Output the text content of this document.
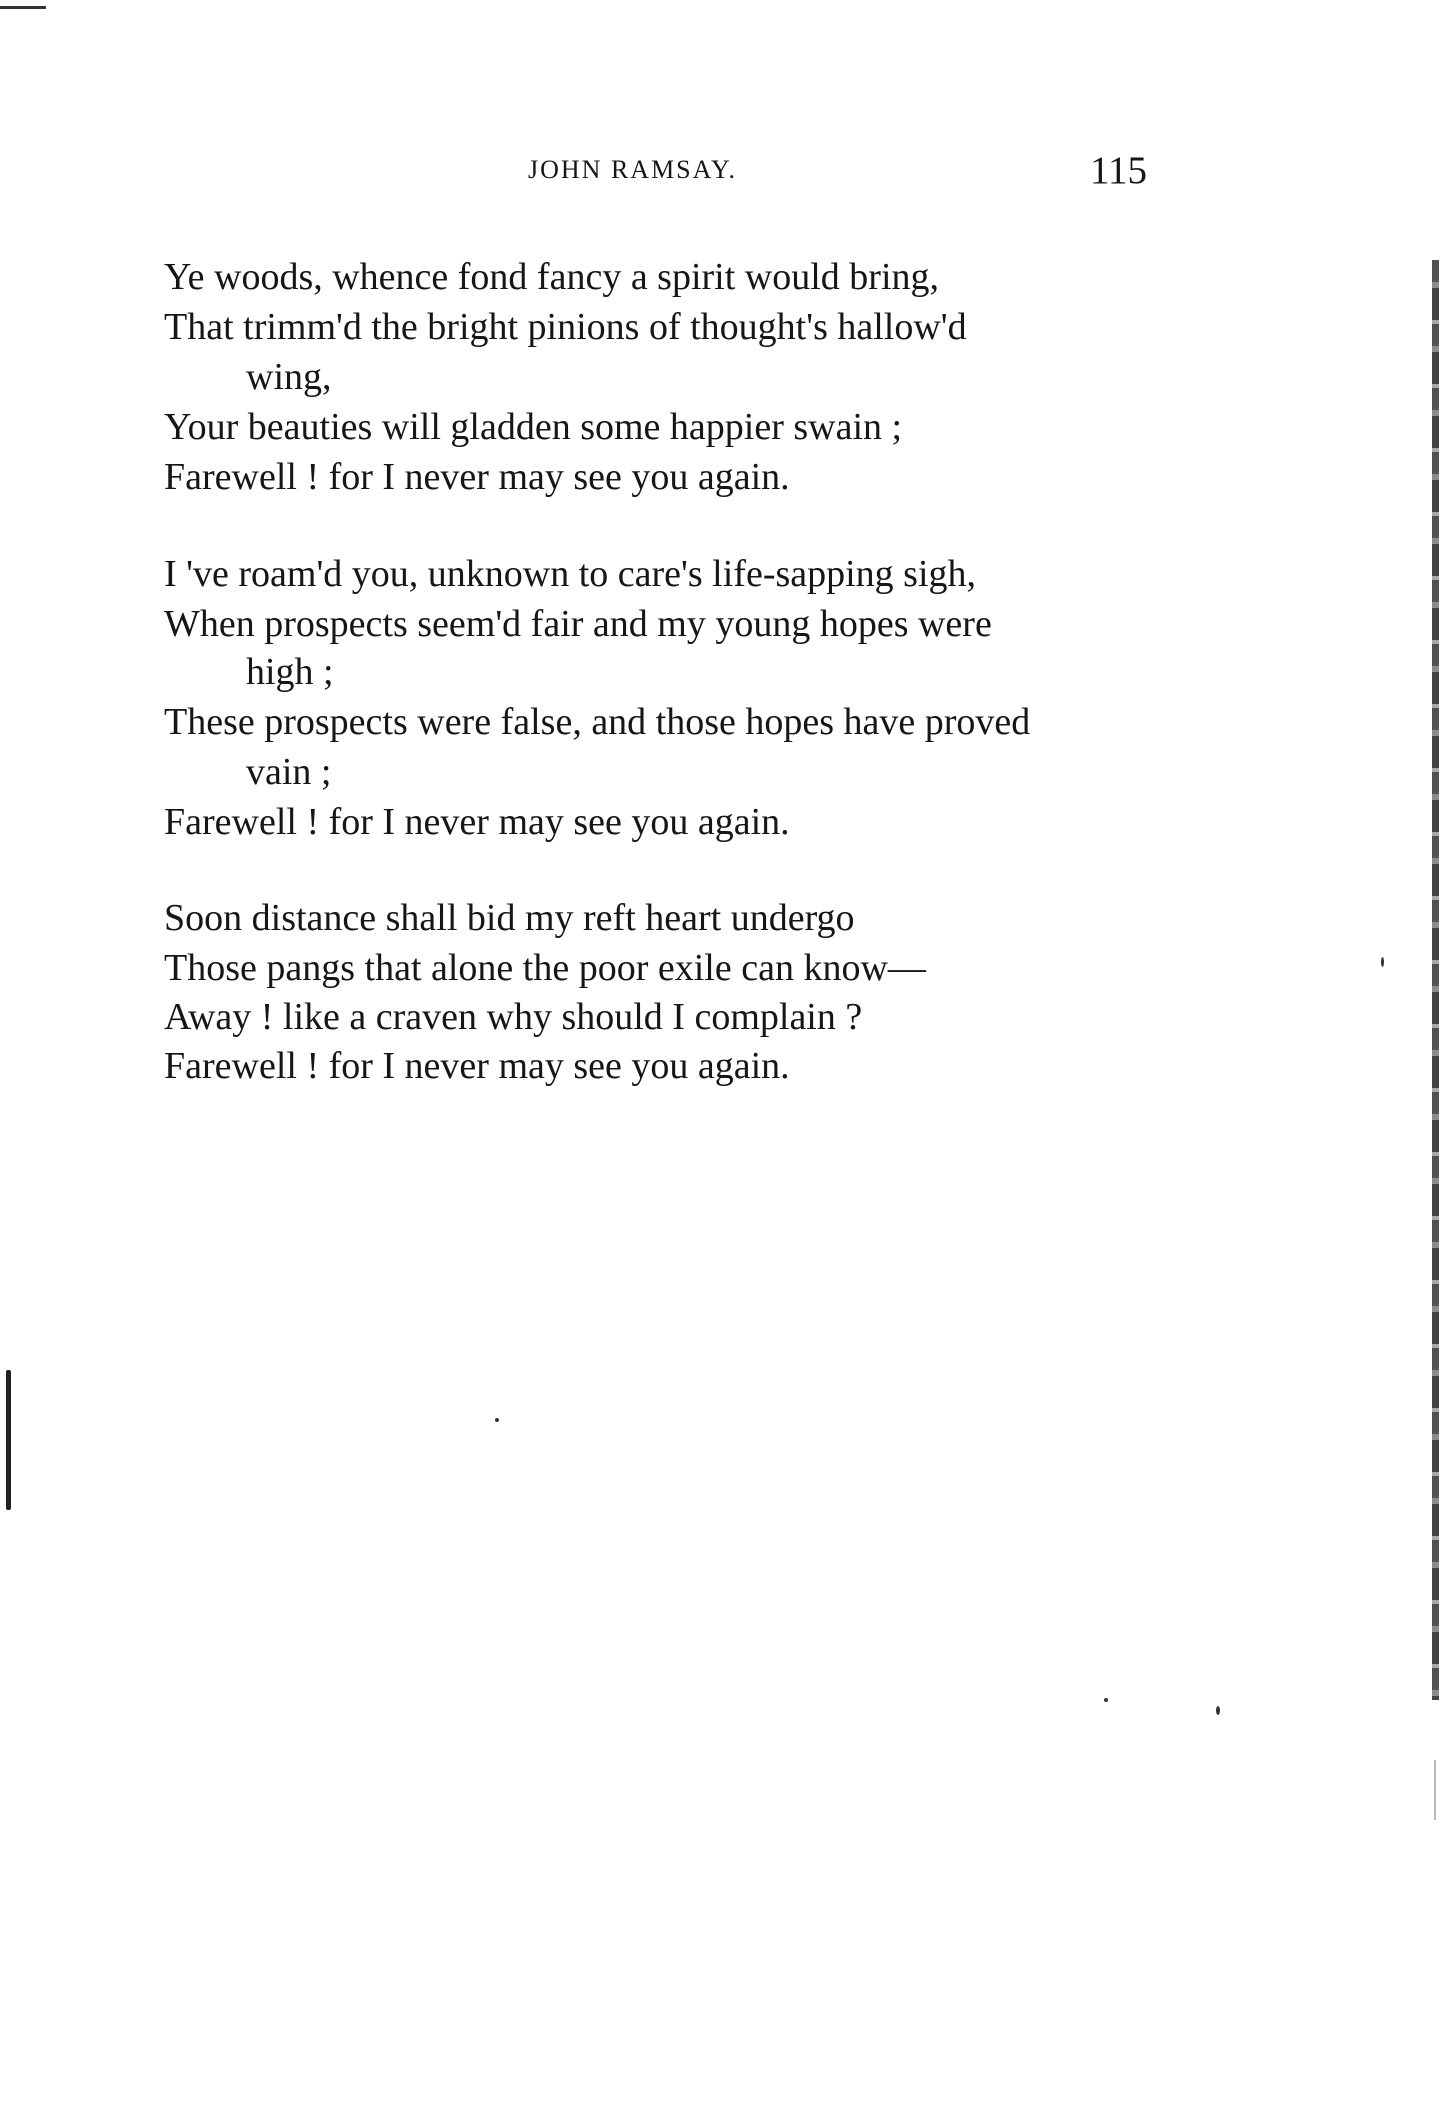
JOHN RAMSAY.	115
Ye woods, whence fond fancy a spirit would bring,
That trimm'd the bright pinions of thought's hallow'd
wing,
Your beauties will gladden some happier swain ;
Farewell ! for I never may see you again.
I 've roam'd you, unknown to care's life-sapping sigh,
When prospects seem'd fair and my young hopes were
high ;
These prospects were false, and those hopes have proved
vain ;
Farewell ! for I never may see you again.
Soon distance shall bid my reft heart undergo
Those pangs that alone the poor exile can know—
Away ! like a craven why should I complain ?
Farewell ! for I never may see you again.
